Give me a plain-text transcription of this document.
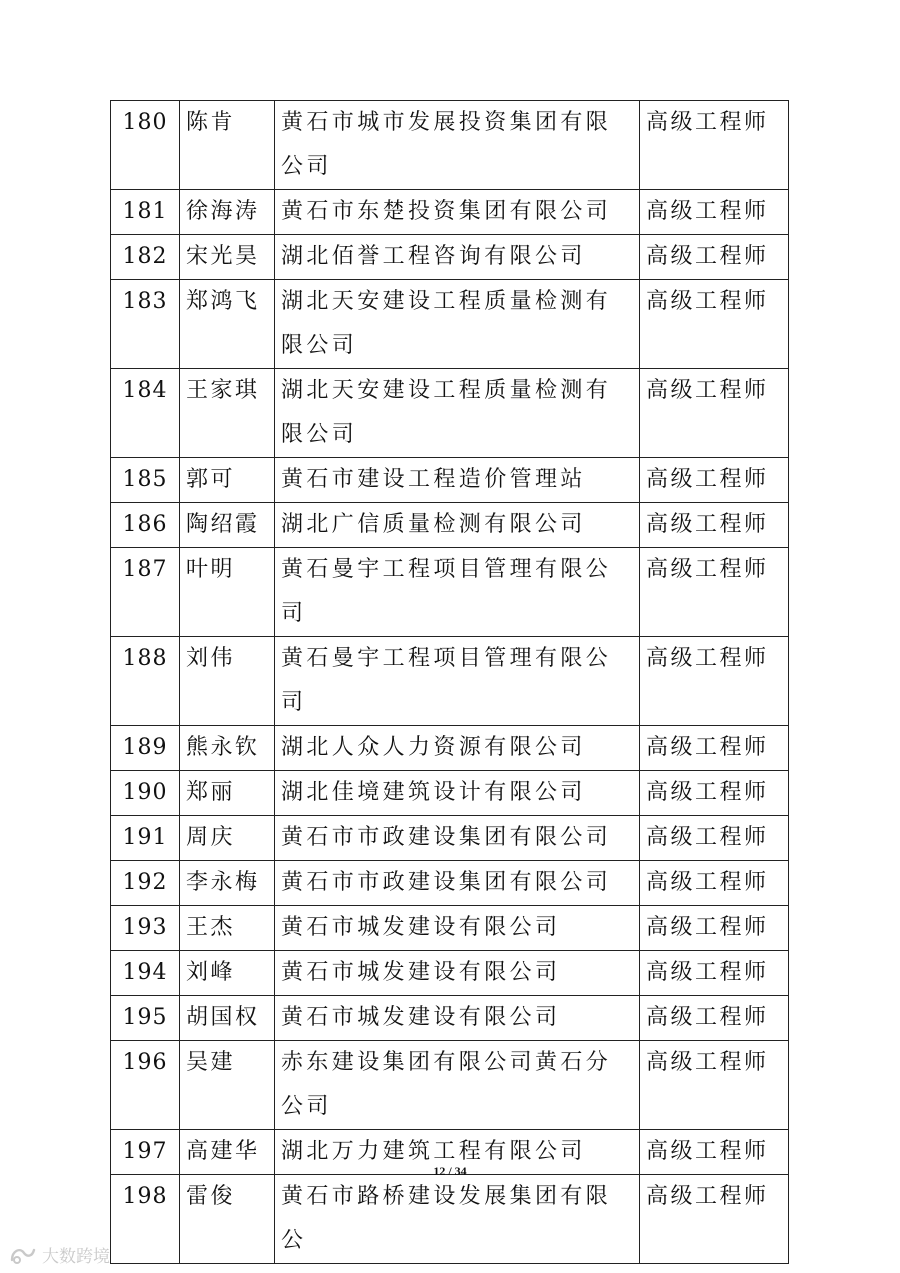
180	陈肯	黄石市城市发展投资集团有限公司	高级工程师
181	徐海涛	黄石市东楚投资集团有限公司	高级工程师
182	宋光昊	湖北佰誉工程咨询有限公司	高级工程师
183	郑鸿飞	湖北天安建设工程质量检测有限公司	高级工程师
184	王家琪	湖北天安建设工程质量检测有限公司	高级工程师
185	郭可	黄石市建设工程造价管理站	高级工程师
186	陶绍霞	湖北广信质量检测有限公司	高级工程师
187	叶明	黄石曼宇工程项目管理有限公司	高级工程师
188	刘伟	黄石曼宇工程项目管理有限公司	高级工程师
189	熊永钦	湖北人众人力资源有限公司	高级工程师
190	郑丽	湖北佳境建筑设计有限公司	高级工程师
191	周庆	黄石市市政建设集团有限公司	高级工程师
192	李永梅	黄石市市政建设集团有限公司	高级工程师
193	王杰	黄石市城发建设有限公司	高级工程师
194	刘峰	黄石市城发建设有限公司	高级工程师
195	胡国权	黄石市城发建设有限公司	高级工程师
196	吴建	赤东建设集团有限公司黄石分公司	高级工程师
197	高建华	湖北万力建筑工程有限公司	高级工程师
198	雷俊	黄石市路桥建设发展集团有限公	高级工程师
12 / 34
大数跨境
